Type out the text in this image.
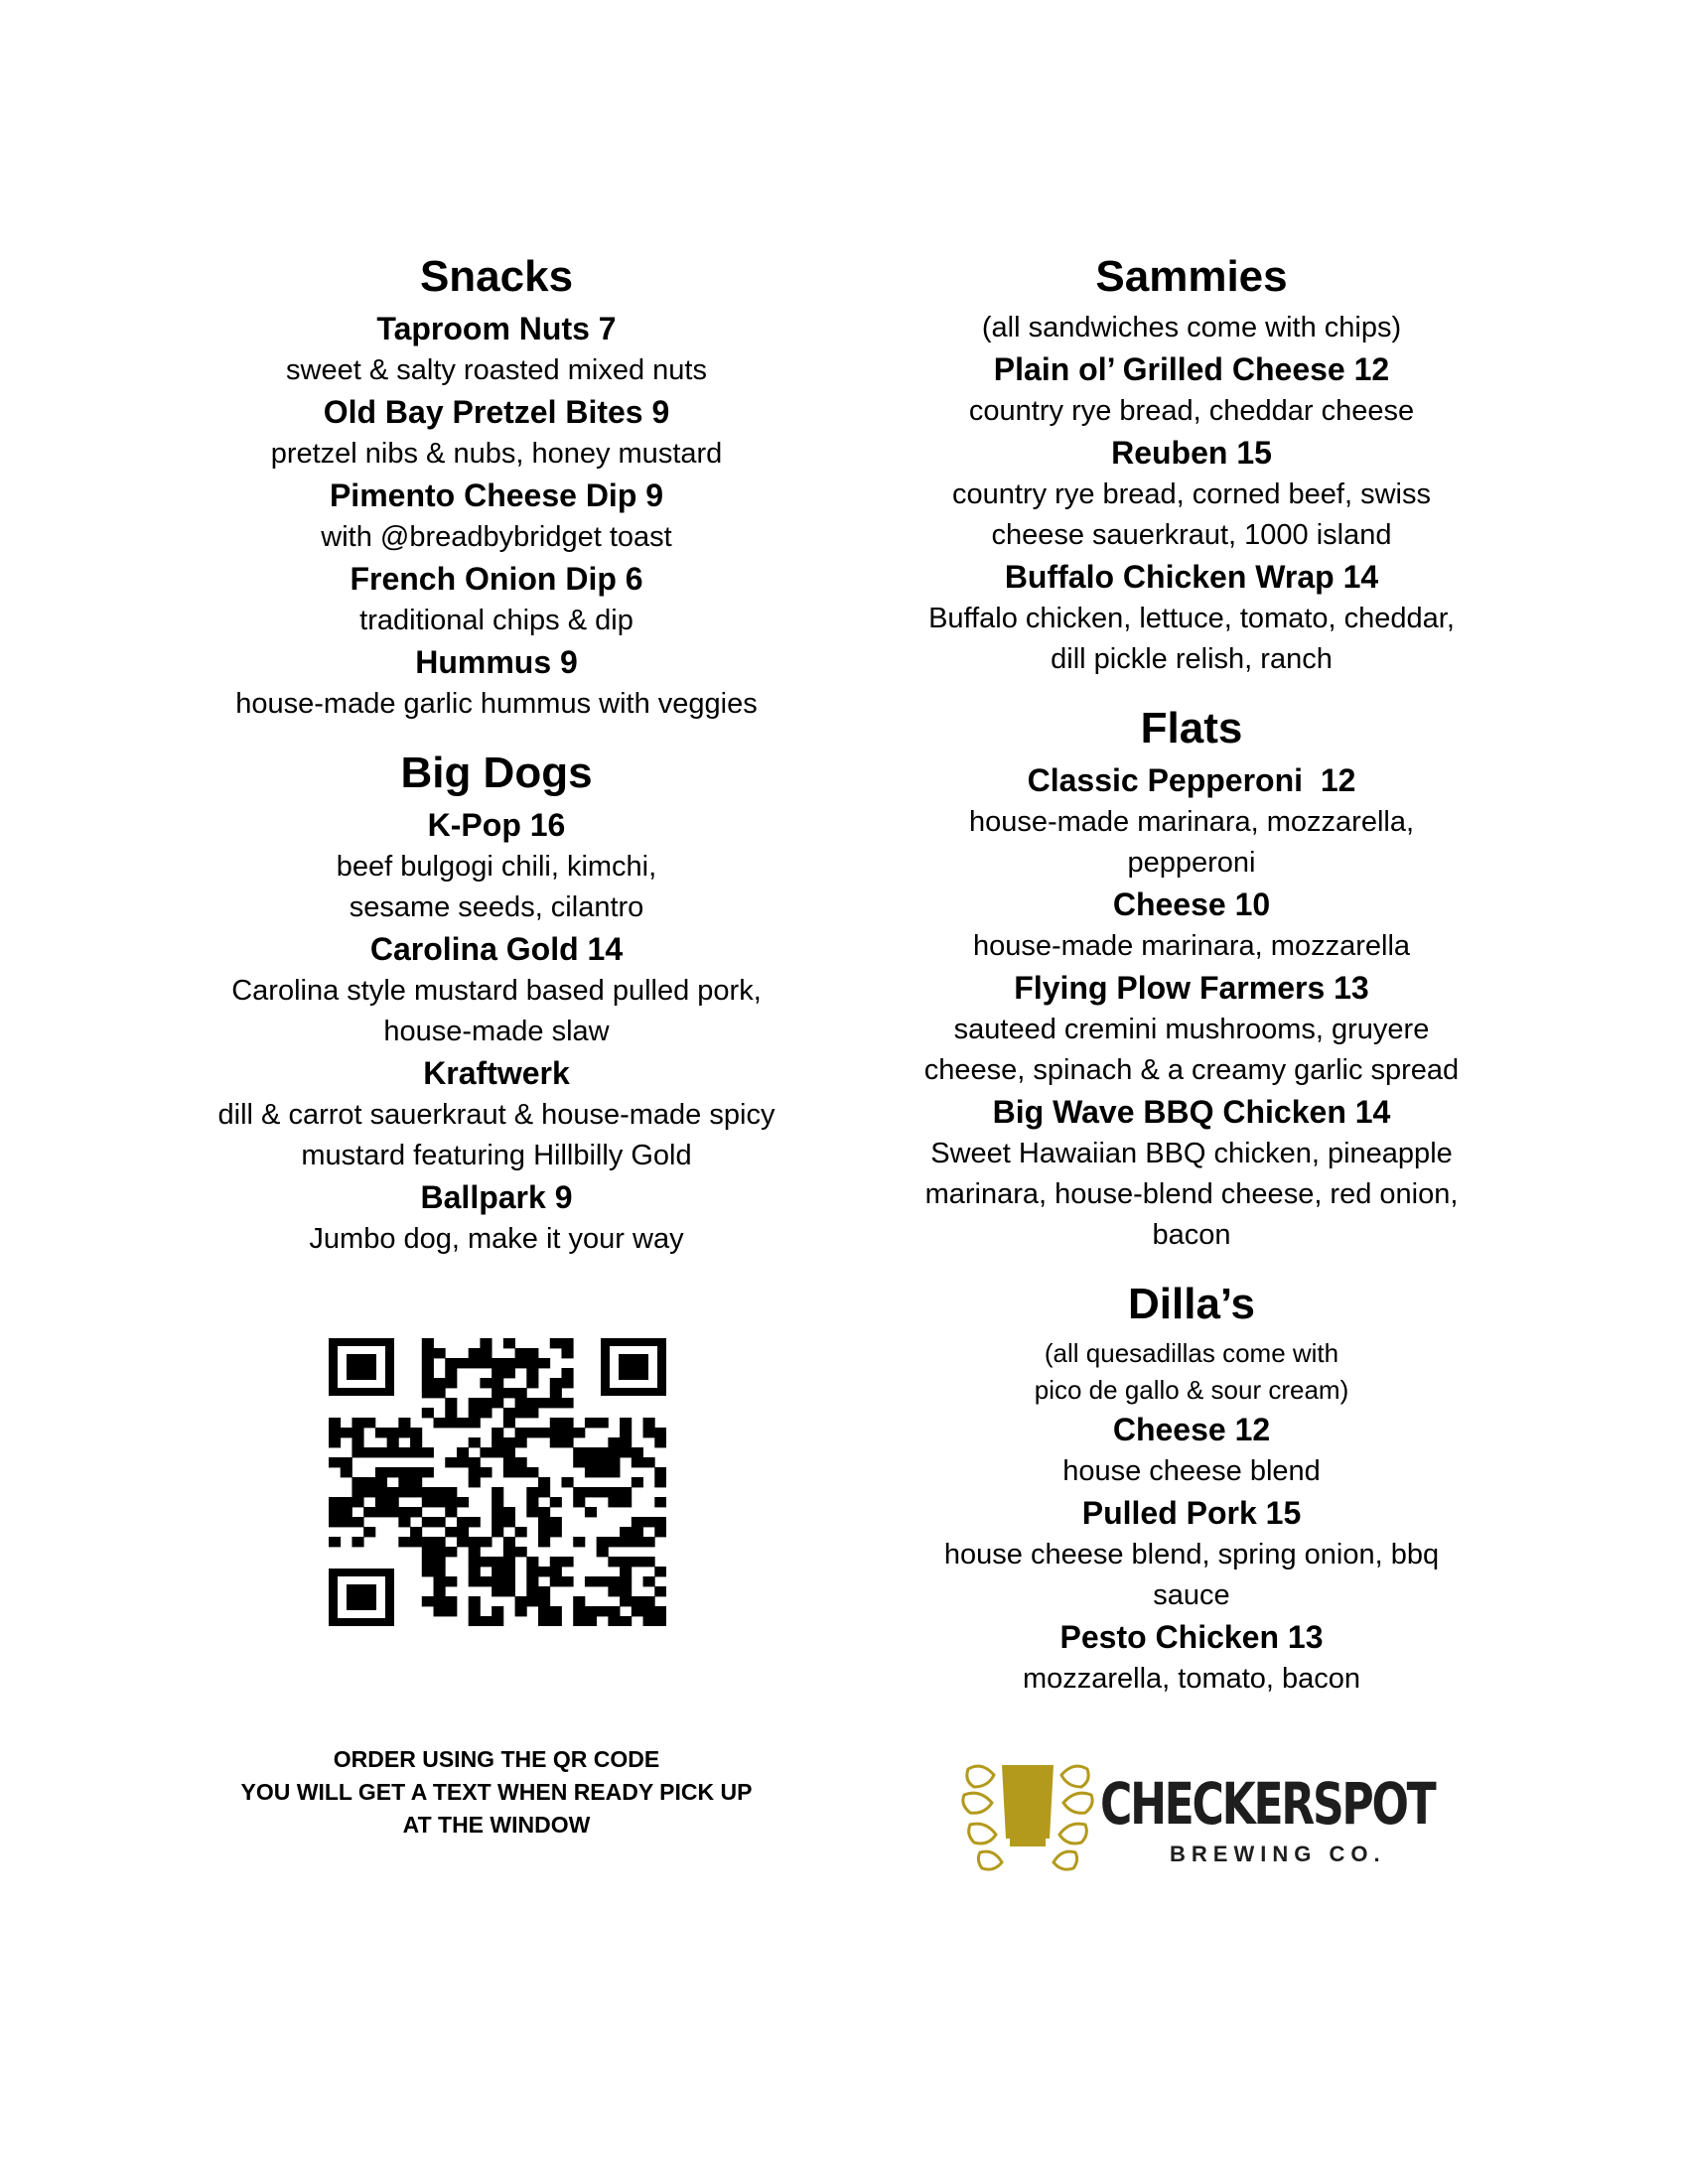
Snacks
Taproom Nuts 7
sweet & salty roasted mixed nuts
Old Bay Pretzel Bites 9
pretzel nibs & nubs, honey mustard
Pimento Cheese Dip 9
with @breadbybridget toast
French Onion Dip 6
traditional chips & dip
Hummus 9
house-made garlic hummus with veggies
Big Dogs
K-Pop 16
beef bulgogi chili, kimchi,
sesame seeds, cilantro
Carolina Gold 14
Carolina style mustard based pulled pork,
house-made slaw
Kraftwerk
dill & carrot sauerkraut & house-made spicy
mustard featuring Hillbilly Gold
Ballpark 9
Jumbo dog, make it your way
ORDER USING THE QR CODE
YOU WILL GET A TEXT WHEN READY PICK UP
AT THE WINDOW
Sammies
(all sandwiches come with chips)
Plain ol’ Grilled Cheese 12
country rye bread, cheddar cheese
Reuben 15
country rye bread, corned beef, swiss
cheese sauerkraut, 1000 island
Buffalo Chicken Wrap 14
Buffalo chicken, lettuce, tomato, cheddar,
dill pickle relish, ranch
Flats
Classic Pepperoni  12
house-made marinara, mozzarella,
pepperoni
Cheese 10
house-made marinara, mozzarella
Flying Plow Farmers 13
sauteed cremini mushrooms, gruyere
cheese, spinach & a creamy garlic spread
Big Wave BBQ Chicken 14
Sweet Hawaiian BBQ chicken, pineapple
marinara, house-blend cheese, red onion,
bacon
Dilla’s
(all quesadillas come with
pico de gallo & sour cream)
Cheese 12
house cheese blend
Pulled Pork 15
house cheese blend, spring onion, bbq
sauce
Pesto Chicken 13
mozzarella, tomato, bacon
CHECKERSPOT
BREWING CO.
